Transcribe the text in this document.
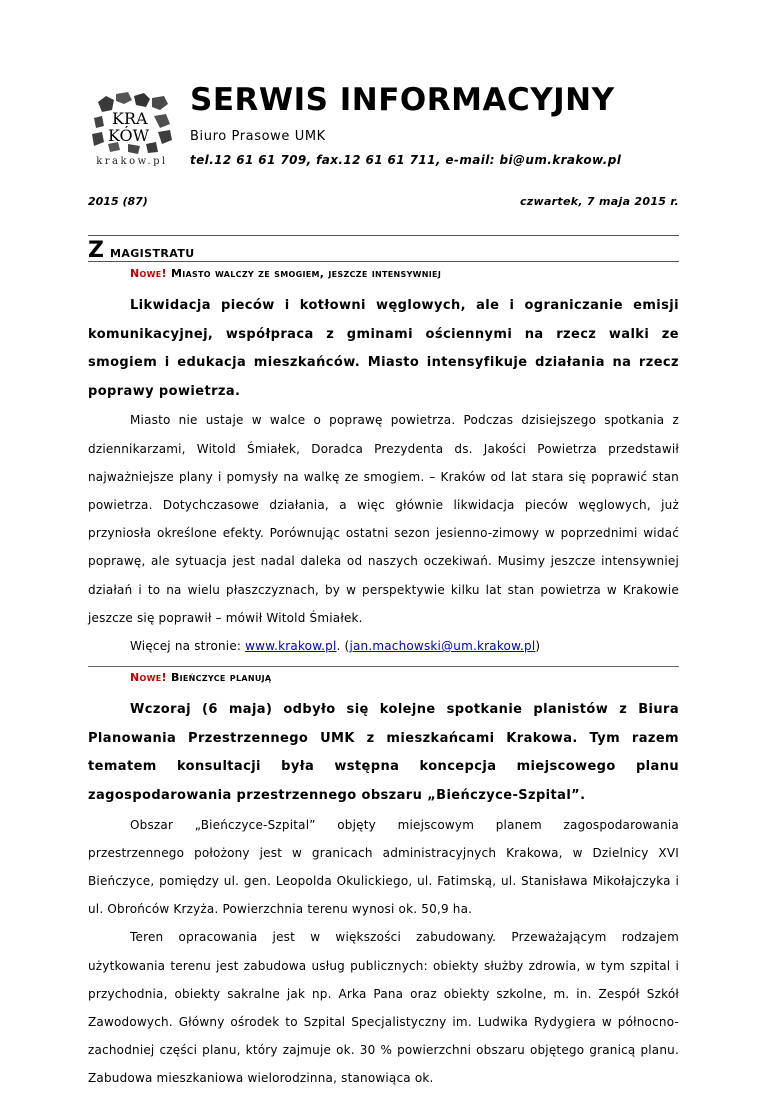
KRA
KÓW
krakow.pl
SERWIS INFORMACYJNY
Biuro Prasowe UMK
tel.12 61 61 709, fax.12 61 61 711, e-mail: bi@um.krakow.pl
2015 (87)	czwartek, 7 maja 2015 r.
Z magistratu
Nowe! Miasto walczy ze smogiem, jeszcze intensywniej

Likwidacja pieców i kotłowni węglowych, ale i ograniczanie emisji komunikacyjnej, współpraca z gminami ościennymi na rzecz walki ze smogiem i edukacja mieszkańców. Miasto intensyfikuje działania na rzecz poprawy powietrza.

Miasto nie ustaje w walce o poprawę powietrza. Podczas dzisiejszego spotkania z dziennikarzami, Witold Śmiałek, Doradca Prezydenta ds. Jakości Powietrza przedstawił najważniejsze plany i pomysły na walkę ze smogiem. – Kraków od lat stara się poprawić stan powietrza. Dotychczasowe działania, a więc głównie likwidacja pieców węglowych, już przyniosła określone efekty. Porównując ostatni sezon jesienno-zimowy w poprzednimi widać poprawę, ale sytuacja jest nadal daleka od naszych oczekiwań. Musimy jeszcze intensywniej działań i to na wielu płaszczyznach, by w perspektywie kilku lat stan powietrza w Krakowie jeszcze się poprawił – mówił Witold Śmiałek.

Więcej na stronie: www.krakow.pl. (jan.machowski@um.krakow.pl)

Nowe! Bieńczyce planują

Wczoraj (6 maja) odbyło się kolejne spotkanie planistów z Biura Planowania Przestrzennego UMK z mieszkańcami Krakowa. Tym razem tematem konsultacji była wstępna koncepcja miejscowego planu zagospodarowania przestrzennego obszaru „Bieńczyce-Szpital”.

Obszar „Bieńczyce-Szpital” objęty miejscowym planem zagospodarowania przestrzennego położony jest w granicach administracyjnych Krakowa, w Dzielnicy XVI Bieńczyce, pomiędzy ul. gen. Leopolda Okulickiego, ul. Fatimską, ul. Stanisława Mikołajczyka i ul. Obrońców Krzyża. Powierzchnia terenu wynosi ok. 50,9 ha.

Teren opracowania jest w większości zabudowany. Przeważającym rodzajem użytkowania terenu jest zabudowa usług publicznych: obiekty służby zdrowia, w tym szpital i przychodnia, obiekty sakralne jak np. Arka Pana oraz obiekty szkolne, m. in. Zespół Szkół Zawodowych. Główny ośrodek to Szpital Specjalistyczny im. Ludwika Rydygiera w północno-zachodniej części planu, który zajmuje ok. 30 % powierzchni obszaru objętego granicą planu. Zabudowa mieszkaniowa wielorodzinna, stanowiąca ok.
